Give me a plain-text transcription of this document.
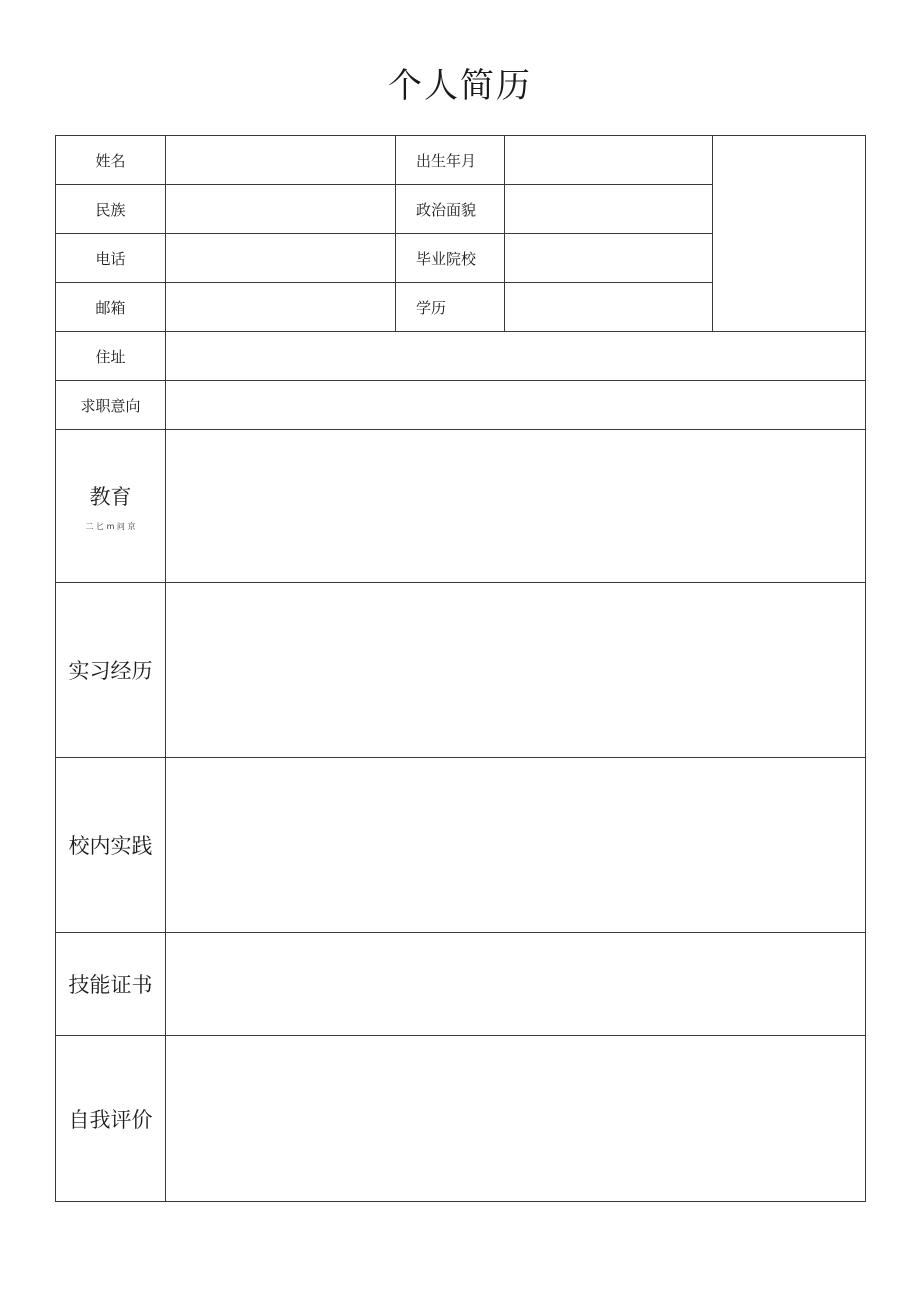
个人简历
姓名		出生年月		
民族		政治面貌		
电话		毕业院校		
邮箱		学历		
住址				
求职意向				

教育
二 匕 m 问 京				

实习经历				

校内实践				

技能证书				

自我评价				
